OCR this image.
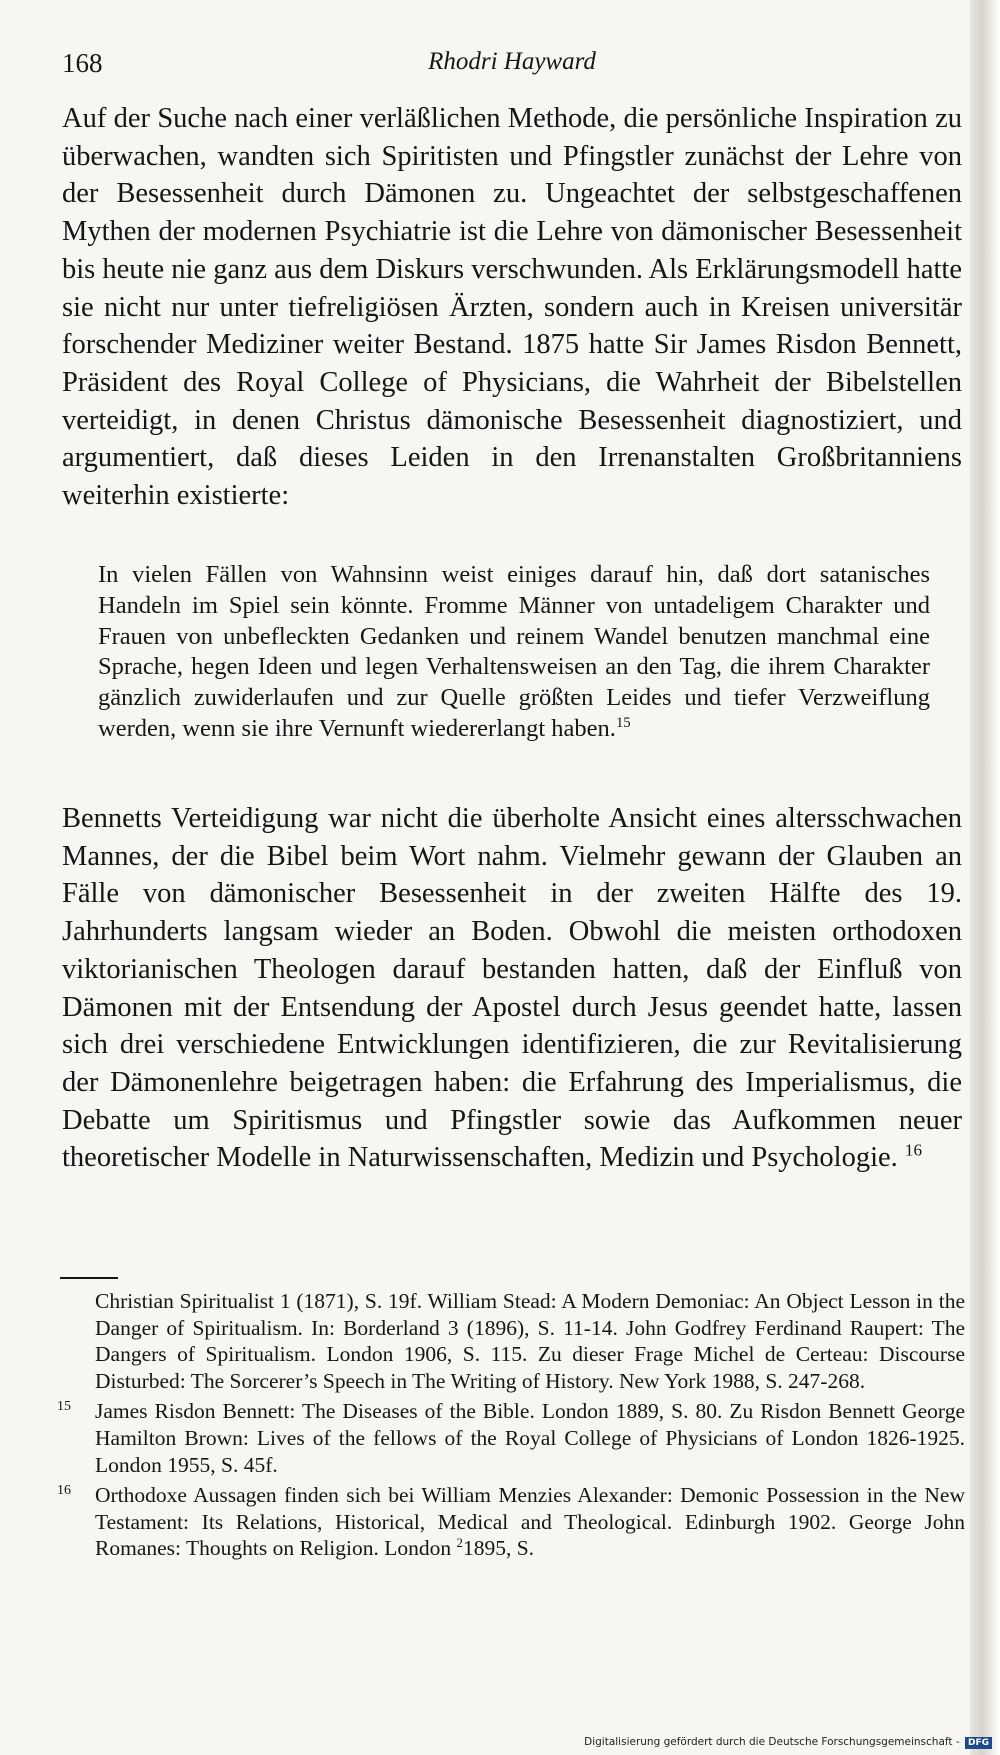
168	Rhodri Hayward

Auf der Suche nach einer verläßlichen Methode, die persönliche Inspiration zu überwachen, wandten sich Spiritisten und Pfingstler zunächst der Lehre von der Besessenheit durch Dämonen zu. Ungeachtet der selbstgeschaffenen Mythen der modernen Psychiatrie ist die Lehre von dämonischer Besessenheit bis heute nie ganz aus dem Diskurs verschwunden. Als Erklärungsmodell hatte sie nicht nur unter tiefreligiösen Ärzten, sondern auch in Kreisen universitär forschender Mediziner weiter Bestand. 1875 hatte Sir James Risdon Bennett, Präsident des Royal College of Physicians, die Wahrheit der Bibelstellen verteidigt, in denen Christus dämonische Besessenheit diagnostiziert, und argumentiert, daß dieses Leiden in den Irrenanstalten Großbritanniens weiterhin existierte:

In vielen Fällen von Wahnsinn weist einiges darauf hin, daß dort satanisches Handeln im Spiel sein könnte. Fromme Männer von untadeligem Charakter und Frauen von unbefleckten Gedanken und reinem Wandel benutzen manchmal eine Sprache, hegen Ideen und legen Verhaltensweisen an den Tag, die ihrem Charakter gänzlich zuwiderlaufen und zur Quelle größten Leides und tiefer Verzweiflung werden, wenn sie ihre Vernunft wiedererlangt haben.$^{15}$

Bennetts Verteidigung war nicht die überholte Ansicht eines altersschwachen Mannes, der die Bibel beim Wort nahm. Vielmehr gewann der Glauben an Fälle von dämonischer Besessenheit in der zweiten Hälfte des 19. Jahrhunderts langsam wieder an Boden. Obwohl die meisten orthodoxen viktorianischen Theologen darauf bestanden hatten, daß der Einfluß von Dämonen mit der Entsendung der Apostel durch Jesus geendet hatte, lassen sich drei verschiedene Entwicklungen identifizieren, die zur Revitalisierung der Dämonenlehre beigetragen haben: die Erfahrung des Imperialismus, die Debatte um Spiritismus und Pfingstler sowie das Aufkommen neuer theoretischer Modelle in Naturwissenschaften, Medizin und Psychologie. $^{16}$

Christian Spiritualist 1 (1871), S. 19f. William Stead: A Modern Demoniac: An Object Lesson in the Danger of Spiritualism. In: Borderland 3 (1896), S. 11-14. John Godfrey Ferdinand Raupert: The Dangers of Spiritualism. London 1906, S. 115. Zu dieser Frage Michel de Certeau: Discourse Disturbed: The Sorcerer’s Speech in The Writing of History. New York 1988, S. 247-268.
15 James Risdon Bennett: The Diseases of the Bible. London 1889, S. 80. Zu Risdon Bennett George Hamilton Brown: Lives of the fellows of the Royal College of Physicians of London 1826-1925. London 1955, S. 45f.
16 Orthodoxe Aussagen finden sich bei William Menzies Alexander: Demonic Possession in the New Testament: Its Relations, Historical, Medical and Theological. Edinburgh 1902. George John Romanes: Thoughts on Religion. London $^2$1895, S.
Digitalisierung gefördert durch die Deutsche Forschungsgemeinschaft - DFG
